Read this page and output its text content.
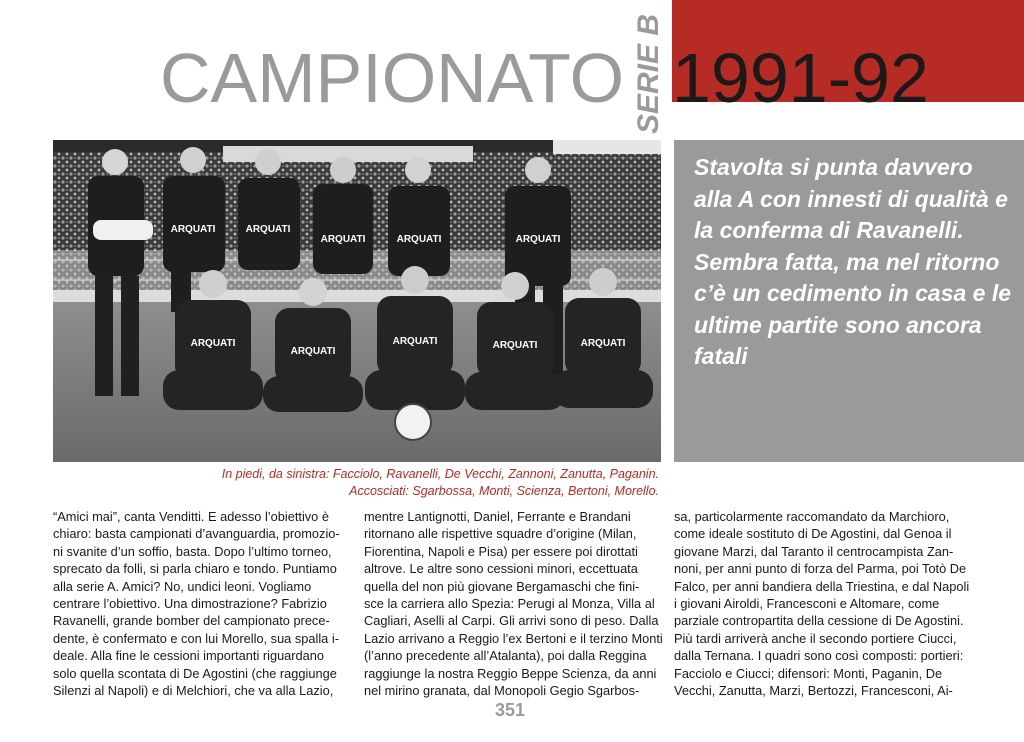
CAMPIONATO 1991-92
SERIE B
ARQUATI	ARQUATI
ARQUATI	ARQUATI	ARQUATI
ARQUATI
ARQUATI
ARQUATI	ARQUATI	ARQUATI

Stavolta si punta davvero alla A con innesti di qualità e la conferma di Ravanelli. Sembra fatta, ma nel ritorno c’è un cedimento in casa e le ultime partite sono ancora fatali

In piedi, da sinistra: Facciolo, Ravanelli, De Vecchi, Zannoni, Zanutta, Paganin.
Accosciati: Sgarbossa, Monti, Scienza, Bertoni, Morello.
“Amici mai”, canta Venditti. E adesso l’obiettivo è
chiaro: basta campionati d’avanguardia, promozio-
ni svanite d’un soffio, basta. Dopo l’ultimo torneo,
sprecato da folli, si parla chiaro e tondo. Puntiamo
alla serie A. Amici? No, undici leoni. Vogliamo
centrare l’obiettivo. Una dimostrazione? Fabrizio
Ravanelli, grande bomber del campionato prece-
dente, è confermato e con lui Morello, sua spalla i-
deale. Alla fine le cessioni importanti riguardano
solo quella scontata di De Agostini (che raggiunge
Silenzi al Napoli) e di Melchiori, che va alla Lazio,
mentre Lantignotti, Daniel, Ferrante e Brandani
ritornano alle rispettive squadre d’origine (Milan,
Fiorentina, Napoli e Pisa) per essere poi dirottati
altrove. Le altre sono cessioni minori, eccettuata
quella del non più giovane Bergamaschi che fini-
sce la carriera allo Spezia: Perugi al Monza, Villa al
Cagliari, Aselli al Carpi. Gli arrivi sono di peso. Dalla
Lazio arrivano a Reggio l’ex Bertoni e il terzino Monti
(l’anno precedente all’Atalanta), poi dalla Reggina
raggiunge la nostra Reggio Beppe Scienza, da anni
nel mirino granata, dal Monopoli Gegio Sgarbos-
sa, particolarmente raccomandato da Marchioro,
come ideale sostituto di De Agostini, dal Genoa il
giovane Marzi, dal Taranto il centrocampista Zan-
noni, per anni punto di forza del Parma, poi Totò De
Falco, per anni bandiera della Triestina, e dal Napoli
i giovani Airoldi, Francesconi e Altomare, come
parziale contropartita della cessione di De Agostini.
Più tardi arriverà anche il secondo portiere Ciucci,
dalla Ternana. I quadri sono così composti: portieri:
Facciolo e Ciucci; difensori: Monti, Paganin, De
Vecchi, Zanutta, Marzi, Bertozzi, Francesconi, Ai-
351
